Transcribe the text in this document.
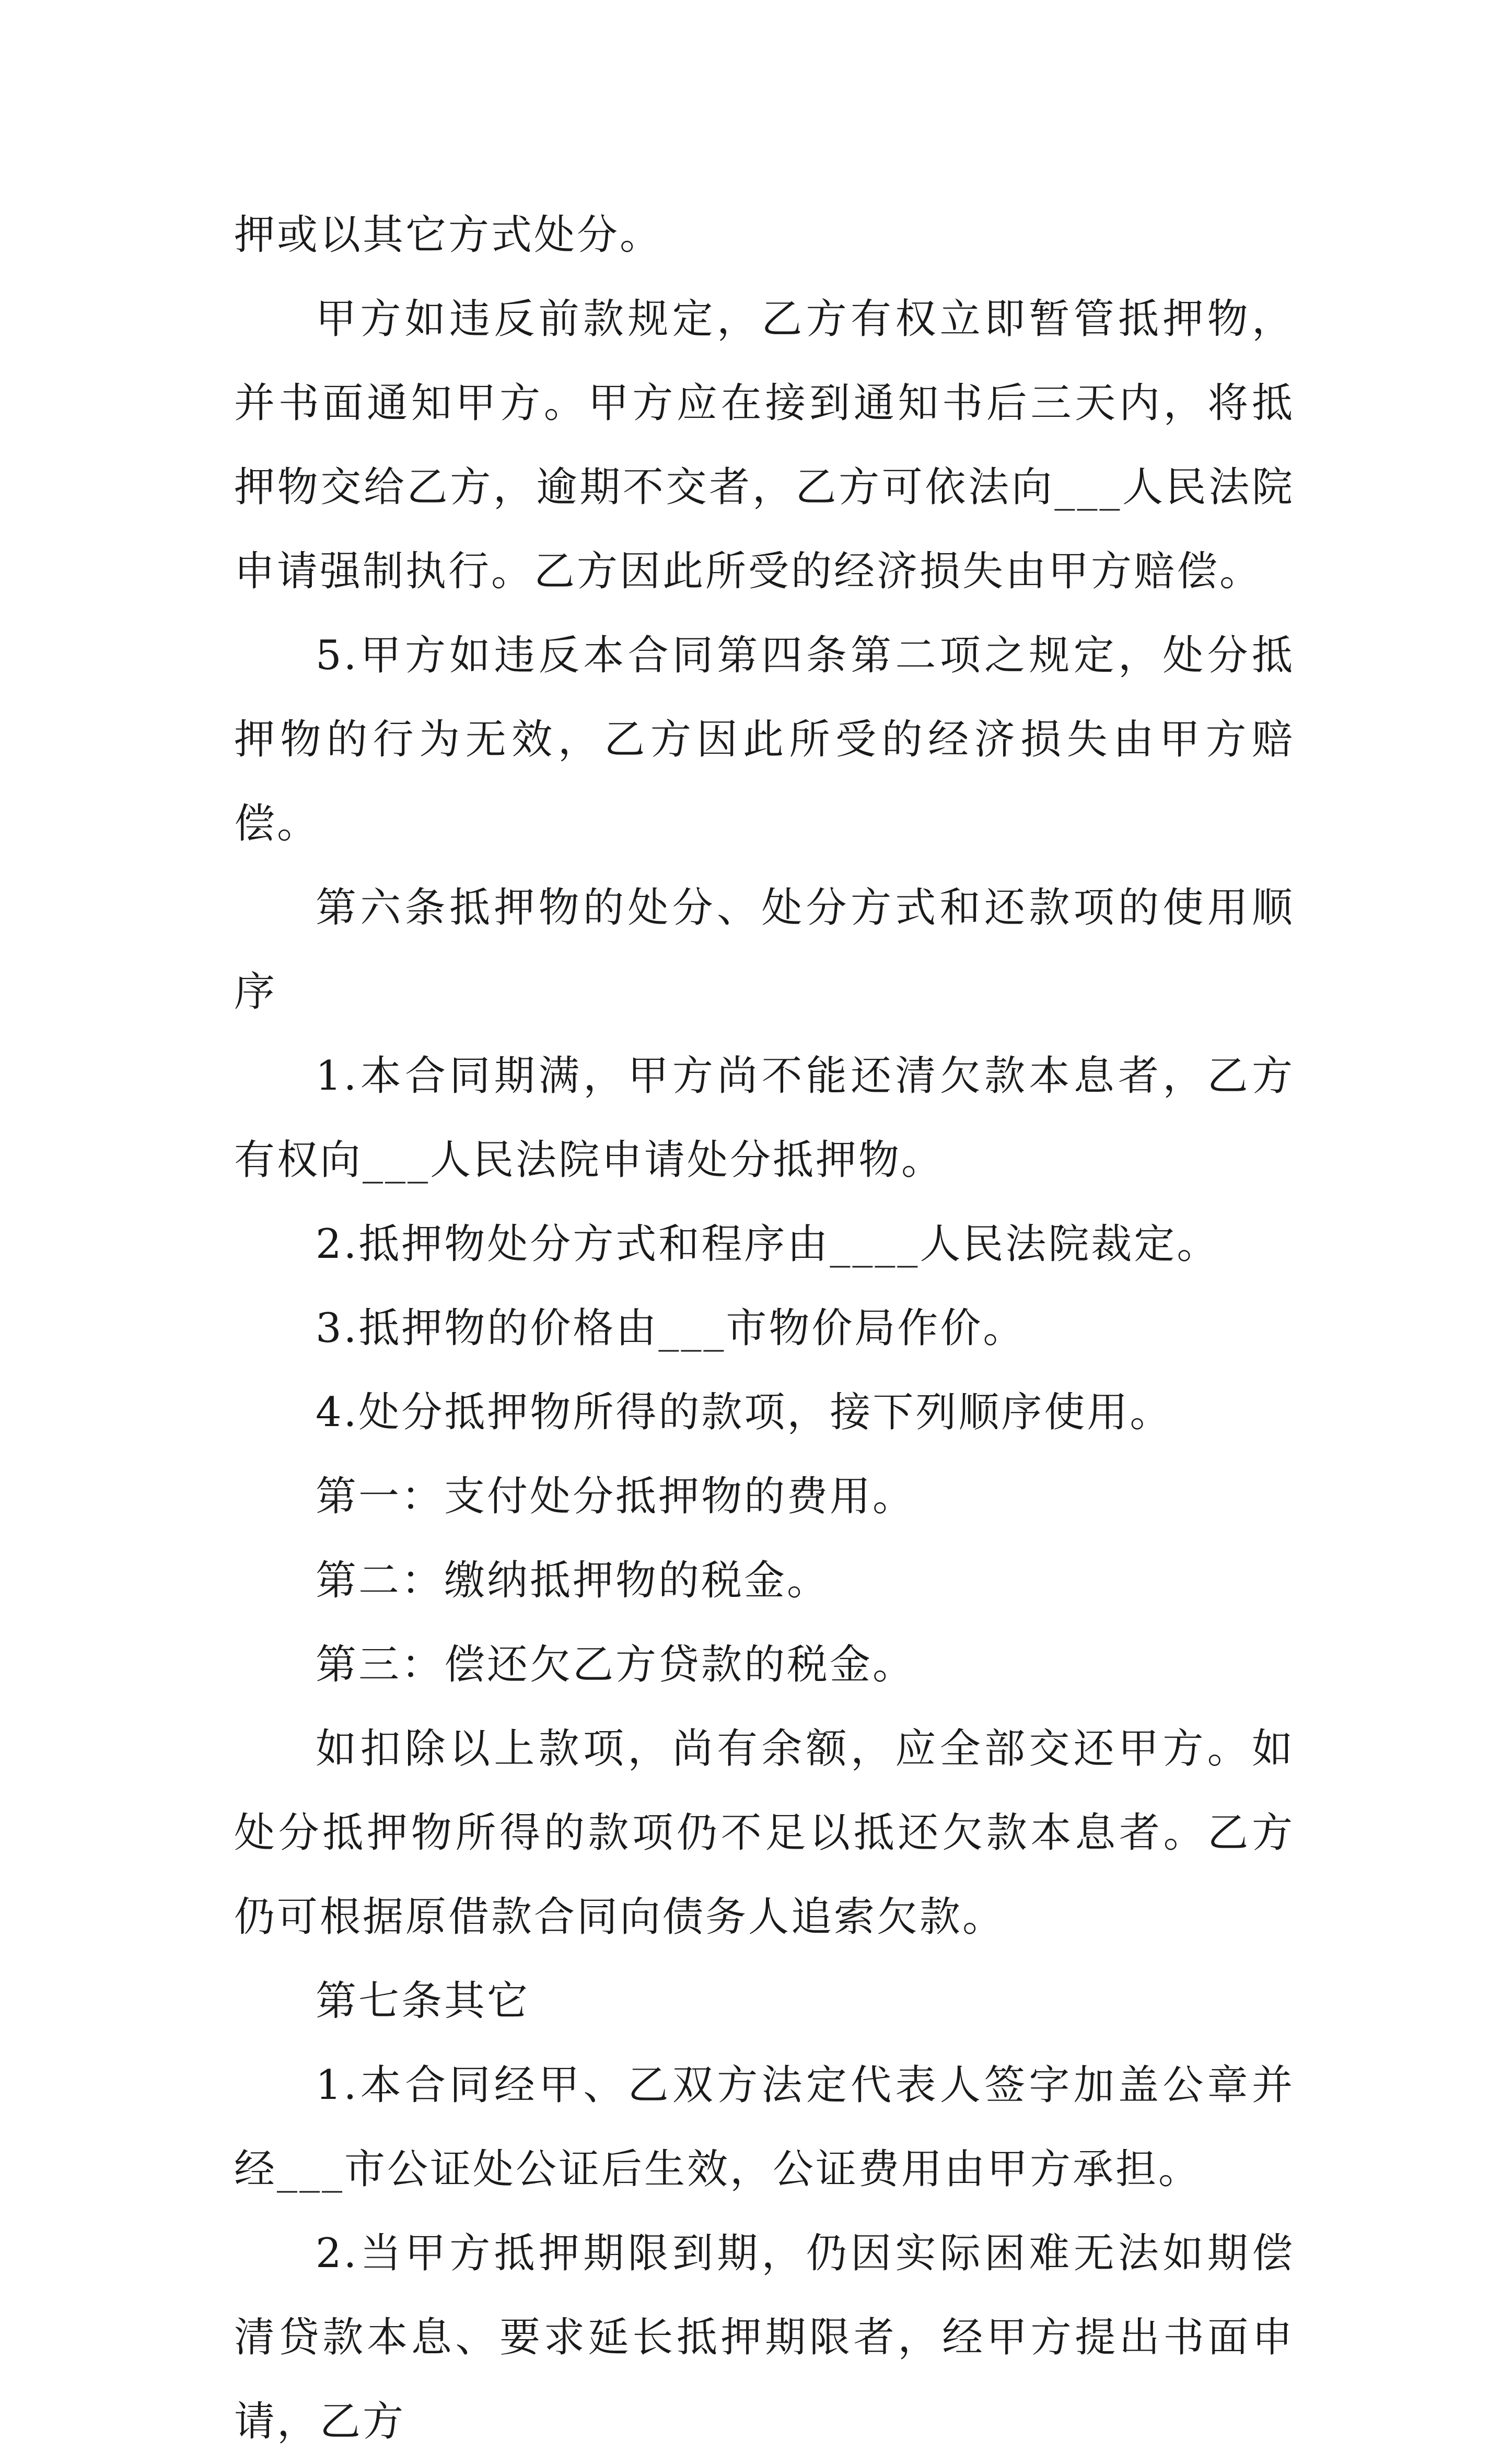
押或以其它方式处分。

甲方如违反前款规定，乙方有权立即暂管抵押物，并书面通知甲方。甲方应在接到通知书后三天内，将抵押物交给乙方，逾期不交者，乙方可依法向___人民法院申请强制执行。乙方因此所受的经济损失由甲方赔偿。

5.甲方如违反本合同第四条第二项之规定，处分抵押物的行为无效，乙方因此所受的经济损失由甲方赔偿。

第六条抵押物的处分、处分方式和还款项的使用顺序

1.本合同期满，甲方尚不能还清欠款本息者，乙方有权向___人民法院申请处分抵押物。

2.抵押物处分方式和程序由____人民法院裁定。

3.抵押物的价格由___市物价局作价。

4.处分抵押物所得的款项，接下列顺序使用。

第一：支付处分抵押物的费用。

第二：缴纳抵押物的税金。

第三：偿还欠乙方贷款的税金。

如扣除以上款项，尚有余额，应全部交还甲方。如处分抵押物所得的款项仍不足以抵还欠款本息者。乙方仍可根据原借款合同向债务人追索欠款。

第七条其它

1.本合同经甲、乙双方法定代表人签字加盖公章并经___市公证处公证后生效，公证费用由甲方承担。

2.当甲方抵押期限到期，仍因实际困难无法如期偿清贷款本息、要求延长抵押期限者，经甲方提出书面申请，乙方
